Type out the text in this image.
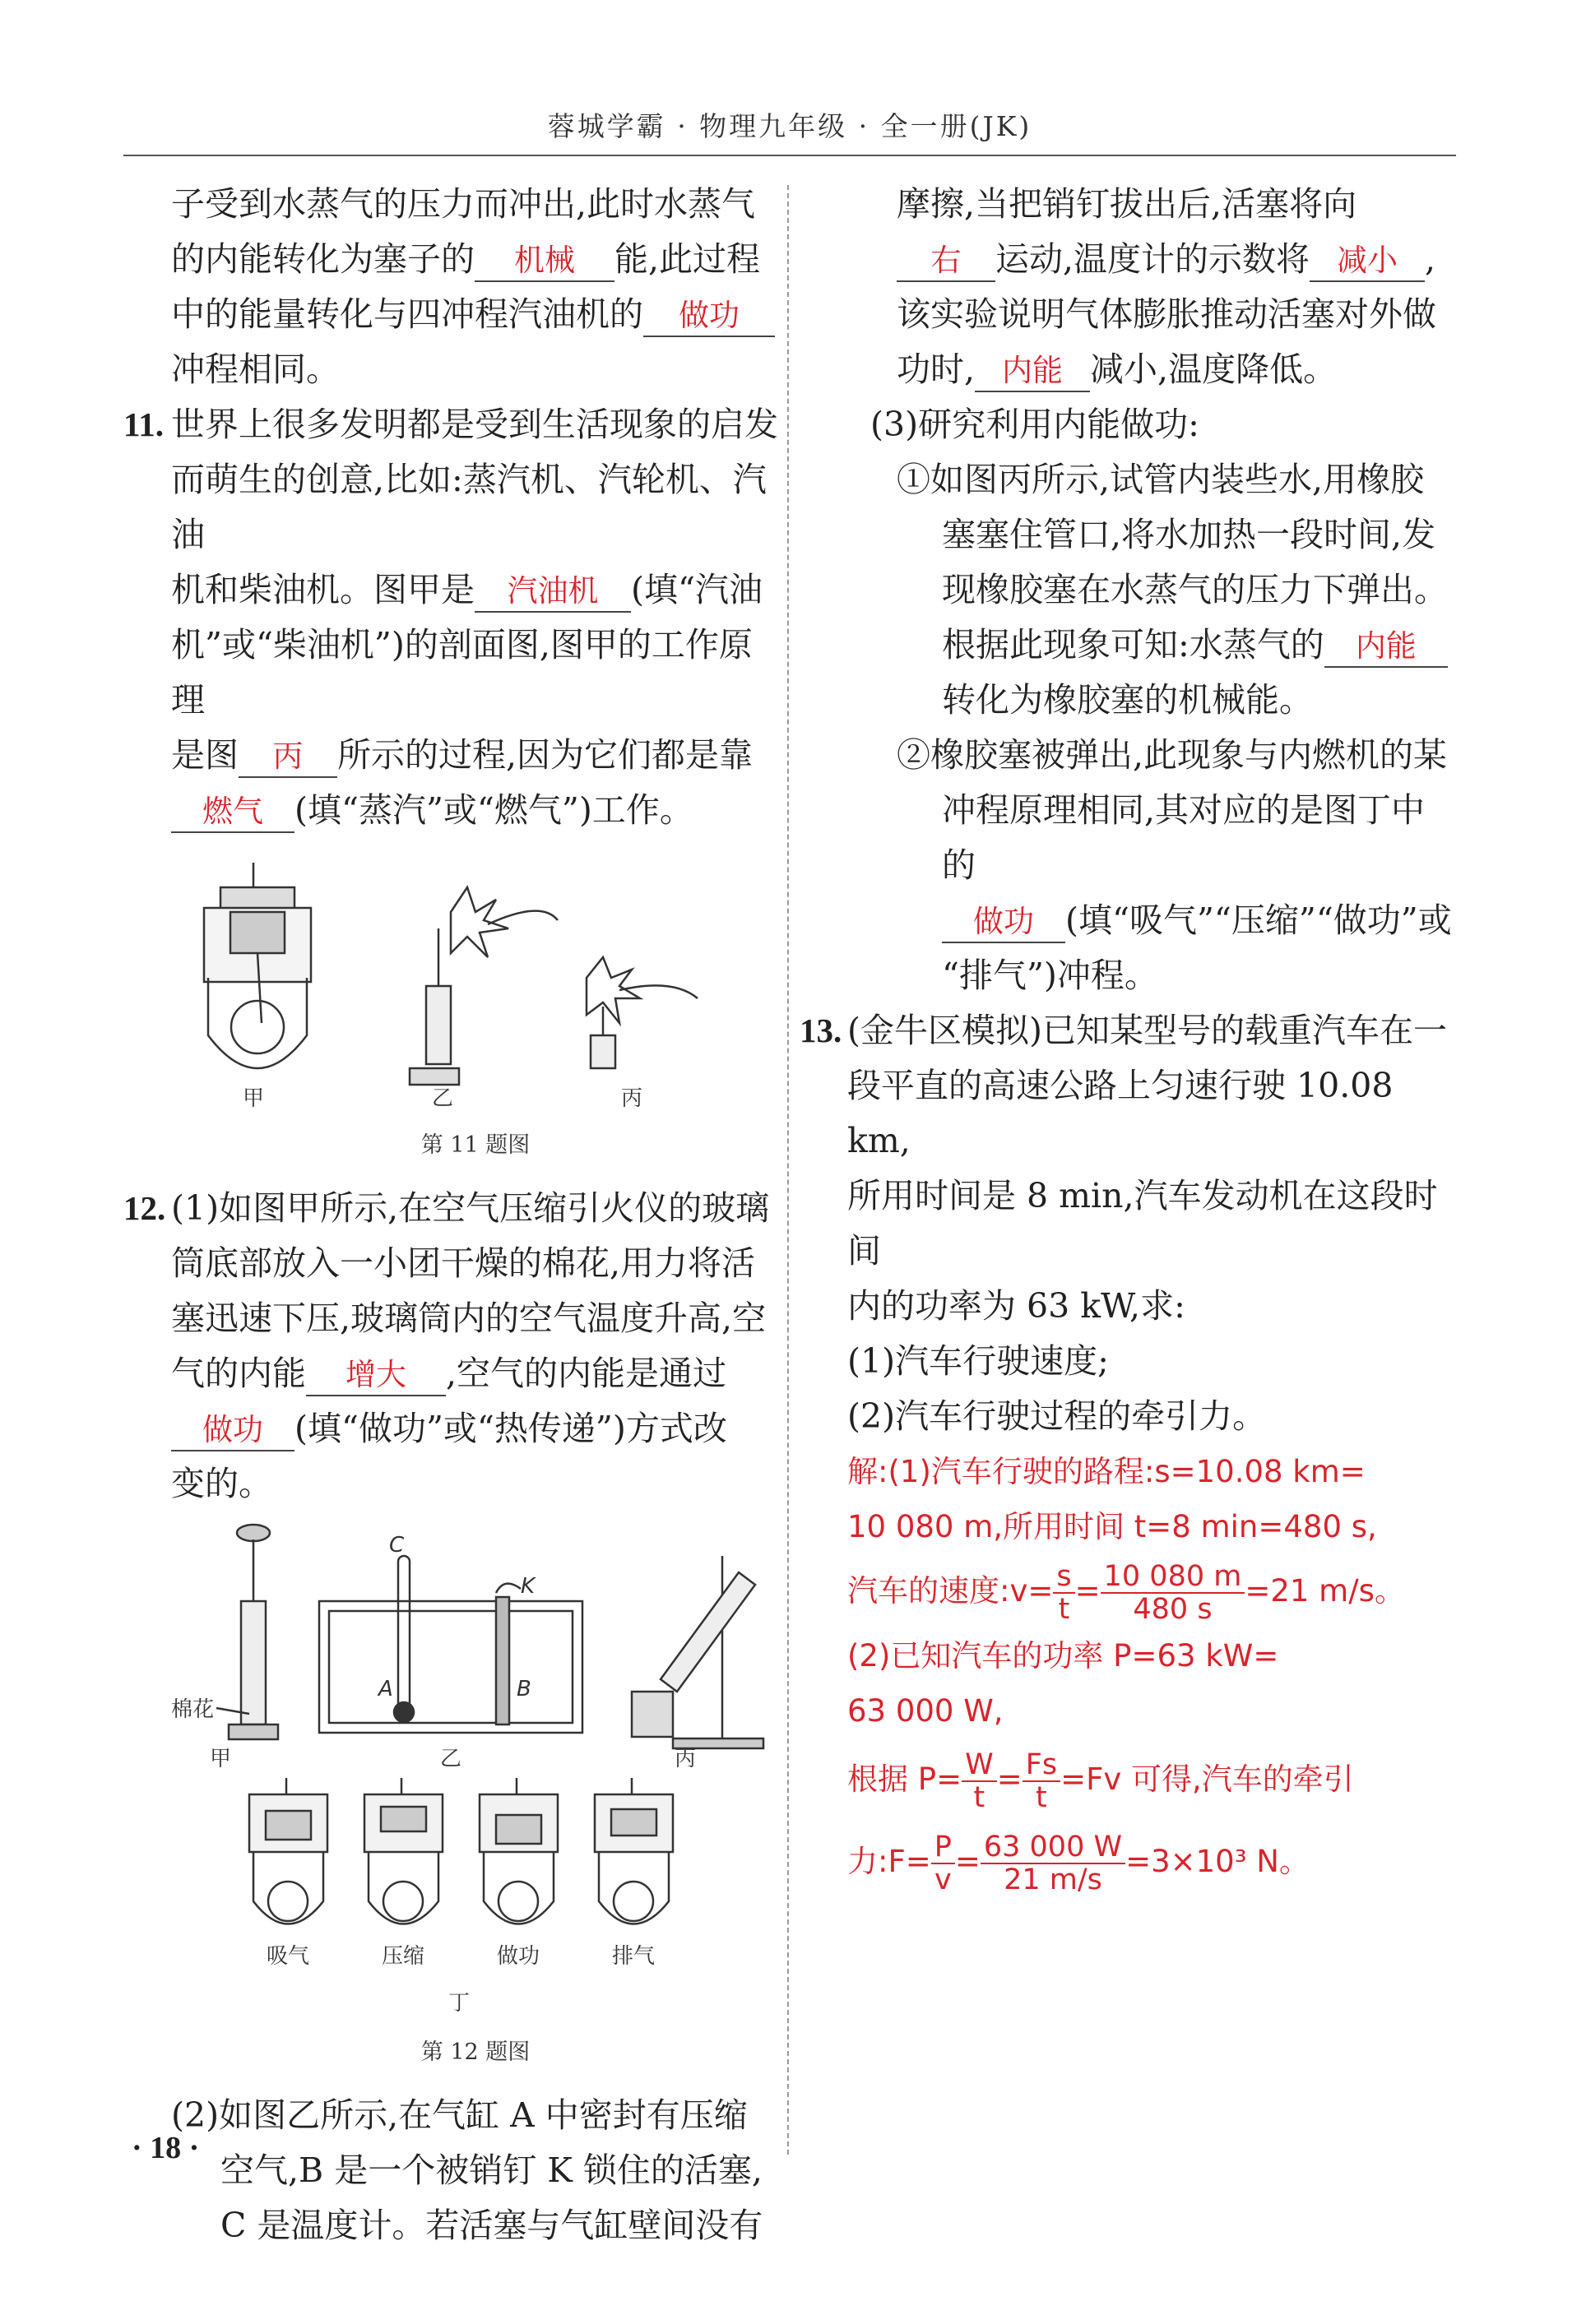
蓉城学霸 · 物理九年级 · 全一册(JK)

子受到水蒸气的压力而冲出,此时水蒸气

的内能转化为塞子的 机械 能,此过程

中的能量转化与四冲程汽油机的 做功

冲程相同。

11. 世界上很多发明都是受到生活现象的启发

而萌生的创意,比如:蒸汽机、汽轮机、汽油

机和柴油机。图甲是 汽油机 (填“汽油

机”或“柴油机”)的剖面图,图甲的工作原理

是图 丙 所示的过程,因为它们都是靠

燃气 (填“蒸汽”或“燃气”)工作。

甲	乙	丙

第 11 题图

12. (1)如图甲所示,在空气压缩引火仪的玻璃

筒底部放入一小团干燥的棉花,用力将活

塞迅速下压,玻璃筒内的空气温度升高,空

气的内能 增大 ,空气的内能是通过

做功 (填“做功”或“热传递”)方式改

变的。

棉花
C
K
A	B
甲	乙	丙
吸气	压缩	做功	排气
丁

第 12 题图

(2)如图乙所示,在气缸 A 中密封有压缩

空气,B 是一个被销钉 K 锁住的活塞,

C 是温度计。若活塞与气缸壁间没有

摩擦,当把销钉拔出后,活塞将向

右 运动,温度计的示数将 减小 ,

该实验说明气体膨胀推动活塞对外做

功时, 内能 减小,温度降低。

(3)研究利用内能做功:

①如图丙所示,试管内装些水,用橡胶

塞塞住管口,将水加热一段时间,发

现橡胶塞在水蒸气的压力下弹出。

根据此现象可知:水蒸气的 内能

转化为橡胶塞的机械能。

②橡胶塞被弹出,此现象与内燃机的某

冲程原理相同,其对应的是图丁中的

做功 (填“吸气”“压缩”“做功”或

“排气”)冲程。

13. (金牛区模拟)已知某型号的载重汽车在一

段平直的高速公路上匀速行驶 10.08 km,

所用时间是 8 min,汽车发动机在这段时间

内的功率为 63 kW,求:

(1)汽车行驶速度;

(2)汽车行驶过程的牵引力。

解:(1)汽车行驶的路程:s=10.08 km=

10 080 m,所用时间 t=8 min=480 s,

汽车的速度:v= $\frac{s}{t} = \frac{10 080 m}{480 s} =21$ m/s。

(2)已知汽车的功率 P=63 kW=

63 000 W,

根据 $P= \frac{W}{t} = \frac{Fs}{t} =Fv$ 可得,汽车的牵引

力:F= $\frac{P}{v} = \frac{63 000 W}{21 m/s} =3\times 10^3$ N。

· 18 ·
